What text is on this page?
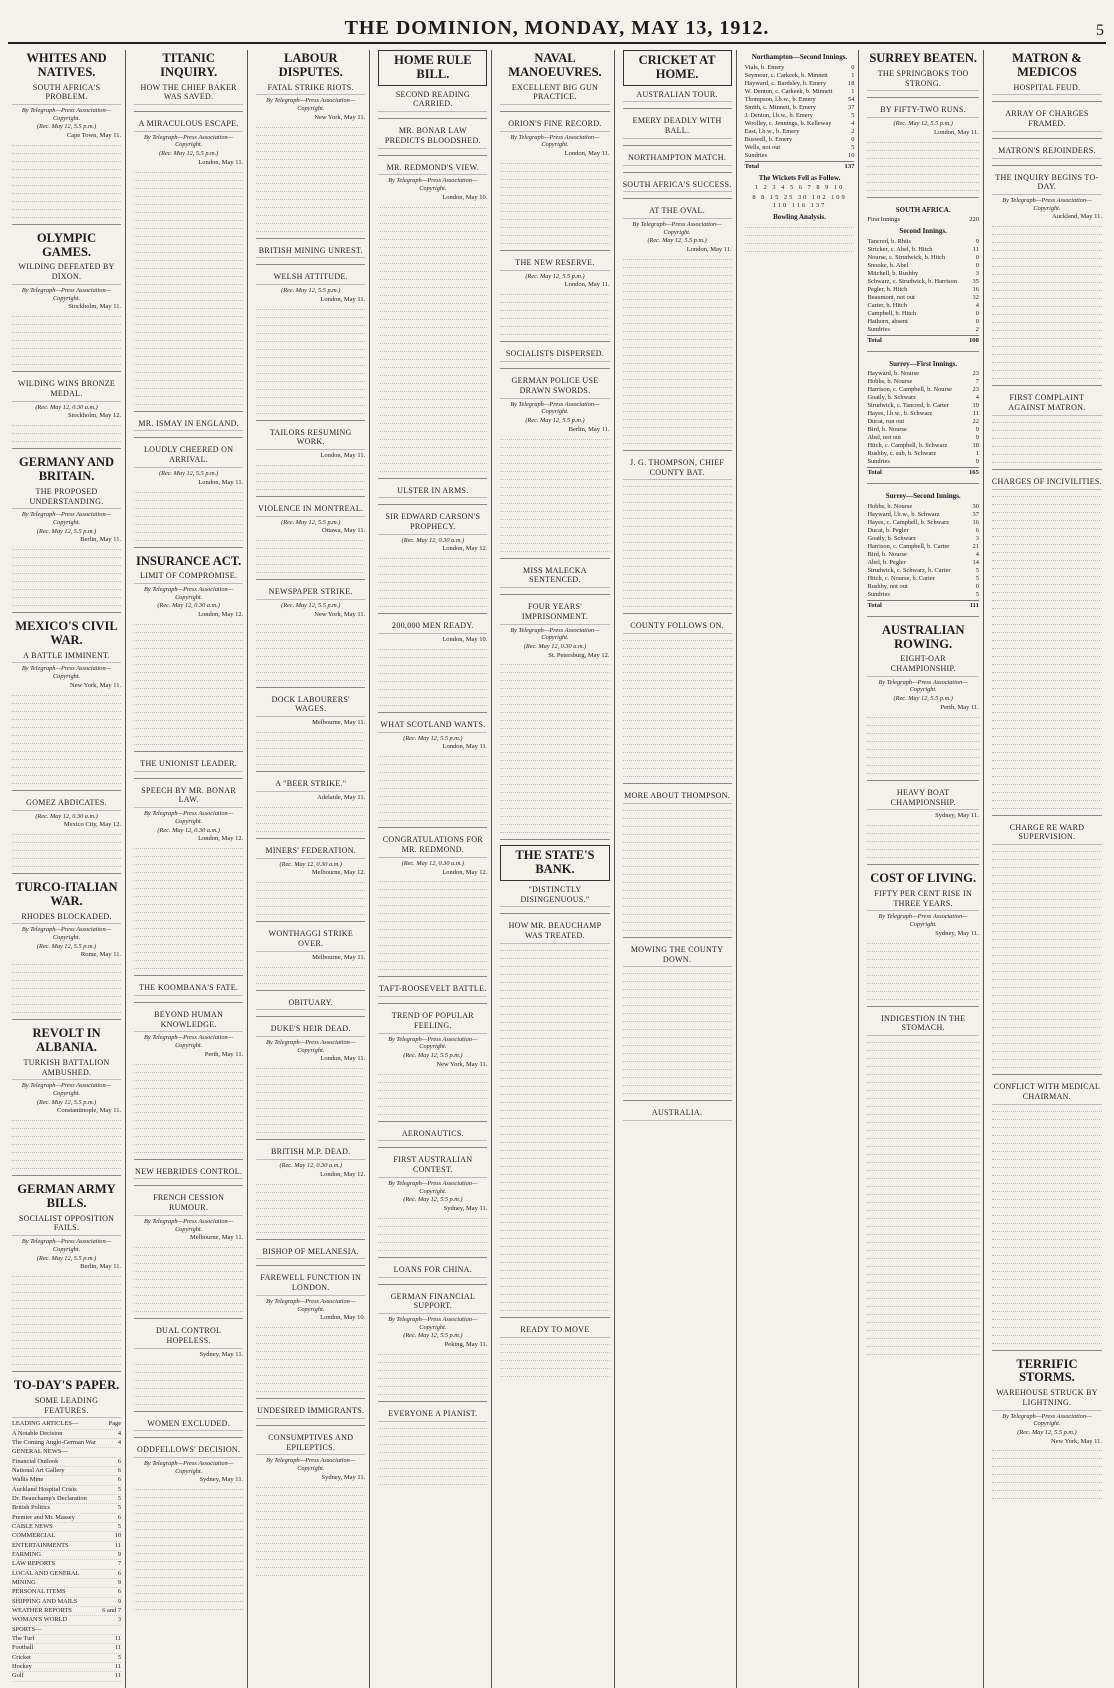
THE DOMINION, MONDAY, MAY 13, 1912.	5
WHITES AND NATIVES.
SOUTH AFRICA'S PROBLEM.
By Telegraph—Press Association—Copyright.
(Rec. May 12, 5.5 p.m.)
Cape Town, May 11.
OLYMPIC GAMES.
WILDING DEFEATED BY DIXON.
By Telegraph—Press Association—Copyright.
Stockholm, May 11.
WILDING WINS BRONZE MEDAL.
(Rec. May 12, 0.30 a.m.)
Stockholm, May 12.
GERMANY AND BRITAIN.
THE PROPOSED UNDERSTANDING.
By Telegraph—Press Association—Copyright.
(Rec. May 12, 5.5 p.m.)
Berlin, May 11.
MEXICO'S CIVIL WAR.
A BATTLE IMMINENT.
By Telegraph—Press Association—Copyright.
New York, May 11.
GOMEZ ABDICATES.
(Rec. May 12, 0.30 a.m.)
Mexico City, May 12.
TURCO-ITALIAN WAR.
RHODES BLOCKADED.
By Telegraph—Press Association—Copyright.
(Rec. May 12, 5.5 p.m.)
Rome, May 11.
REVOLT IN ALBANIA.
TURKISH BATTALION AMBUSHED.
By Telegraph—Press Association—Copyright.
(Rec. May 12, 5.5 p.m.)
Constantinople, May 11.
GERMAN ARMY BILLS.
SOCIALIST OPPOSITION FAILS.
By Telegraph—Press Association—Copyright.
(Rec. May 12, 5.5 p.m.)
Berlin, May 11.
TO-DAY'S PAPER.
SOME LEADING FEATURES.
LEADING ARTICLES—	Page
A Notable Decision	4
The Coming Anglo-German War	4
GENERAL NEWS—
Financial Outlook	6
National Art Gallery	6
Wallis Mine	6
Auckland Hospital Crisis	5
Dr. Beauchamp's Declaration	5
British Politics	5
Premier and Mr. Massey	6
CABLE NEWS	5
COMMERCIAL	10
ENTERTAINMENTS	11
FARMING	9
LAW REPORTS	7
LOCAL AND GENERAL	6
MINING	9
PERSONAL ITEMS	6
SHIPPING AND MAILS	9
WEATHER REPORTS	6 and 7
WOMAN'S WORLD	3
SPORTS—
The Turf	11
Football	11
Cricket	5
Hockey	11
Golf	11
TITANIC INQUIRY.
HOW THE CHIEF BAKER WAS SAVED.
A MIRACULOUS ESCAPE.
By Telegraph—Press Association—Copyright.
(Rec. May 12, 5.5 p.m.)
London, May 11.
MR. ISMAY IN ENGLAND.
LOUDLY CHEERED ON ARRIVAL.
(Rec. May 12, 5.5 p.m.)
London, May 11.
INSURANCE ACT.
LIMIT OF COMPROMISE.
By Telegraph—Press Association—Copyright.
(Rec. May 12, 0.30 a.m.)
London, May 12.
THE UNIONIST LEADER.
SPEECH BY MR. BONAR LAW.
By Telegraph—Press Association—Copyright.
(Rec. May 12, 0.30 a.m.)
London, May 12.
THE KOOMBANA'S FATE.
BEYOND HUMAN KNOWLEDGE.
By Telegraph—Press Association—Copyright.
Perth, May 11.
NEW HEBRIDES CONTROL.
FRENCH CESSION RUMOUR.
By Telegraph—Press Association—Copyright.
Melbourne, May 11.
DUAL CONTROL HOPELESS.
Sydney, May 11.
WOMEN EXCLUDED.
ODDFELLOWS' DECISION.
By Telegraph—Press Association—Copyright.
Sydney, May 11.
LABOUR DISPUTES.
FATAL STRIKE RIOTS.
By Telegraph—Press Association—Copyright.
New York, May 11.
BRITISH MINING UNREST.
WELSH ATTITUDE.
(Rec. May 12, 5.5 p.m.)
London, May 11.
TAILORS RESUMING WORK.
London, May 11.
VIOLENCE IN MONTREAL.
(Rec. May 12, 5.5 p.m.)
Ottawa, May 11.
NEWSPAPER STRIKE.
(Rec. May 12, 5.5 p.m.)
New York, May 11.
DOCK LABOURERS' WAGES.
Melbourne, May 11.
A "BEER STRIKE."
Adelaide, May 11.
MINERS' FEDERATION.
(Rec. May 12, 0.30 a.m.)
Melbourne, May 12.
WONTHAGGI STRIKE OVER.
Melbourne, May 11.
OBITUARY.
DUKE'S HEIR DEAD.
By Telegraph—Press Association—Copyright.
London, May 11.
BRITISH M.P. DEAD.
(Rec. May 12, 0.30 a.m.)
London, May 12.
BISHOP OF MELANESIA.
FAREWELL FUNCTION IN LONDON.
By Telegraph—Press Association—Copyright.
London, May 10.
UNDESIRED IMMIGRANTS.
CONSUMPTIVES AND EPILEPTICS.
By Telegraph—Press Association—Copyright.
Sydney, May 11.
HOME RULE BILL.
SECOND READING CARRIED.
MR. BONAR LAW PREDICTS BLOODSHED.
MR. REDMOND'S VIEW.
By Telegraph—Press Association—Copyright.
London, May 10.
ULSTER IN ARMS.
SIR EDWARD CARSON'S PROPHECY.
(Rec. May 12, 0.30 a.m.)
London, May 12.
200,000 MEN READY.
London, May 10.
WHAT SCOTLAND WANTS.
(Rec. May 12, 5.5 p.m.)
London, May 11.
CONGRATULATIONS FOR MR. REDMOND.
(Rec. May 12, 0.30 a.m.)
London, May 12.
TAFT-ROOSEVELT BATTLE.
TREND OF POPULAR FEELING.
By Telegraph—Press Association—Copyright.
(Rec. May 12, 5.5 p.m.)
New York, May 11.
AERONAUTICS.
FIRST AUSTRALIAN CONTEST.
By Telegraph—Press Association—Copyright.
(Rec. May 12, 5.5 p.m.)
Sydney, May 11.
LOANS FOR CHINA.
GERMAN FINANCIAL SUPPORT.
By Telegraph—Press Association—Copyright.
(Rec. May 12, 5.5 p.m.)
Peking, May 11.
EVERYONE A PIANIST.
NAVAL MANOEUVRES.
EXCELLENT BIG GUN PRACTICE.
ORION'S FINE RECORD.
By Telegraph—Press Association—Copyright.
London, May 11.
THE NEW RESERVE.
(Rec. May 12, 5.5 p.m.)
London, May 11.
SOCIALISTS DISPERSED.
GERMAN POLICE USE DRAWN SWORDS.
By Telegraph—Press Association—Copyright.
(Rec. May 12, 5.5 p.m.)
Berlin, May 11.
MISS MALECKA SENTENCED.
FOUR YEARS' IMPRISONMENT.
By Telegraph—Press Association—Copyright.
(Rec. May 12, 0.30 a.m.)
St. Petersburg, May 12.
THE STATE'S BANK.
"DISTINCTLY DISINGENUOUS."
HOW MR. BEAUCHAMP WAS TREATED.
READY TO MOVE
CRICKET AT HOME.
AUSTRALIAN TOUR.
EMERY DEADLY WITH BALL.
NORTHAMPTON MATCH.
SOUTH AFRICA'S SUCCESS.
AT THE OVAL.
By Telegraph—Press Association—Copyright.
(Rec. May 12, 5.5 p.m.)
London, May 11.
J. G. THOMPSON, CHIEF COUNTY BAT.
COUNTY FOLLOWS ON.
MORE ABOUT THOMPSON.
MOWING THE COUNTY DOWN.
AUSTRALIA.
Northampton—Second Innings.
Vials, b. Emery	0
Seymour, c. Carkeek, b. Minnett	1
Hayward, c. Bardsley, b. Emery	18
W. Denton, c. Carkeek, b. Minnett	1
Thompson, l.b.w., b. Emery	54
Smith, c. Minnett, b. Emery	37
J. Denton, l.b.w., b. Emery	5
Woolley, c. Jennings, b. Kelleway	4
East, l.b.w., b. Emery	2
Buswell, b. Emery	0
Wells, not out	5
Sundries	10
Total	137
The Wickets Fell as Follow.
1 2 3 4 5 6 7 8 9 10
8 8 15 25 30 102 109 110 116 137
Bowling Analysis.
SURREY BEATEN.
THE SPRINGBOKS TOO STRONG.
BY FIFTY-TWO RUNS.
(Rec. May 12, 5.5 p.m.)
London, May 11.
SOUTH AFRICA.
First Innings	220
Second Innings.
Tancred, b. Rhiis	9
Stricker, c. Abel, b. Hitch	11
Nourse, c. Strudwick, b. Hitch	0
Snooke, b. Abel	0
Mitchell, b. Rushby	3
Schwarz, c. Strudwick, b. Harrison	35
Pegler, b. Hitch	16
Beaumont, not out	32
Carter, b. Hitch	4
Campbell, b. Hitch	0
Hathorn, absent	0
Sundries	2
Total	108
Surrey—First Innings.
Hayward, b. Nourse	23
Hobbs, b. Nourse	7
Harrison, c. Campbell, b. Nourse	23
Goatly, b. Schwarz	4
Strudwick, c. Tancred, b. Carter	19
Hayes, l.b.w., b. Schwarz	11
Ducat, run out	22
Bird, b. Nourse	9
Abel, not out	9
Hitch, c. Campbell, b. Schwarz	18
Rushby, c. sub, b. Schwarz	1
Sundries	9
Total	165
Surrey—Second Innings.
Hobbs, b. Nourse	30
Hayward, l.b.w., b. Schwarz	37
Hayes, c. Campbell, b. Schwarz	16
Ducat, b. Pegler	6
Goatly, b. Schwarz	3
Harrison, c. Campbell, b. Carter	21
Bird, b. Nourse	4
Abel, b. Pegler	14
Strudwick, c. Schwarz, b. Carter	5
Hitch, c. Nourse, b. Carter	5
Rushby, not out	0
Sundries	5
Total	111
AUSTRALIAN ROWING.
EIGHT-OAR CHAMPIONSHIP.
By Telegraph—Press Association—Copyright.
(Rec. May 12, 5.5 p.m.)
Perth, May 11.
HEAVY BOAT CHAMPIONSHIP.
Sydney, May 11.
COST OF LIVING.
FIFTY PER CENT RISE IN THREE YEARS.
By Telegraph—Press Association—Copyright.
Sydney, May 11.
INDIGESTION IN THE STOMACH.
MATRON & MEDICOS
HOSPITAL FEUD.
ARRAY OF CHARGES FRAMED.
MATRON'S REJOINDERS.
THE INQUIRY BEGINS TO-DAY.
By Telegraph—Press Association—Copyright.
Auckland, May 11.
FIRST COMPLAINT AGAINST MATRON.
CHARGES OF INCIVILITIES.
CHARGE RE WARD SUPERVISION.
CONFLICT WITH MEDICAL CHAIRMAN.
TERRIFIC STORMS.
WAREHOUSE STRUCK BY LIGHTNING.
By Telegraph—Press Association—Copyright.
(Rec. May 12, 5.5 p.m.)
New York, May 11.
